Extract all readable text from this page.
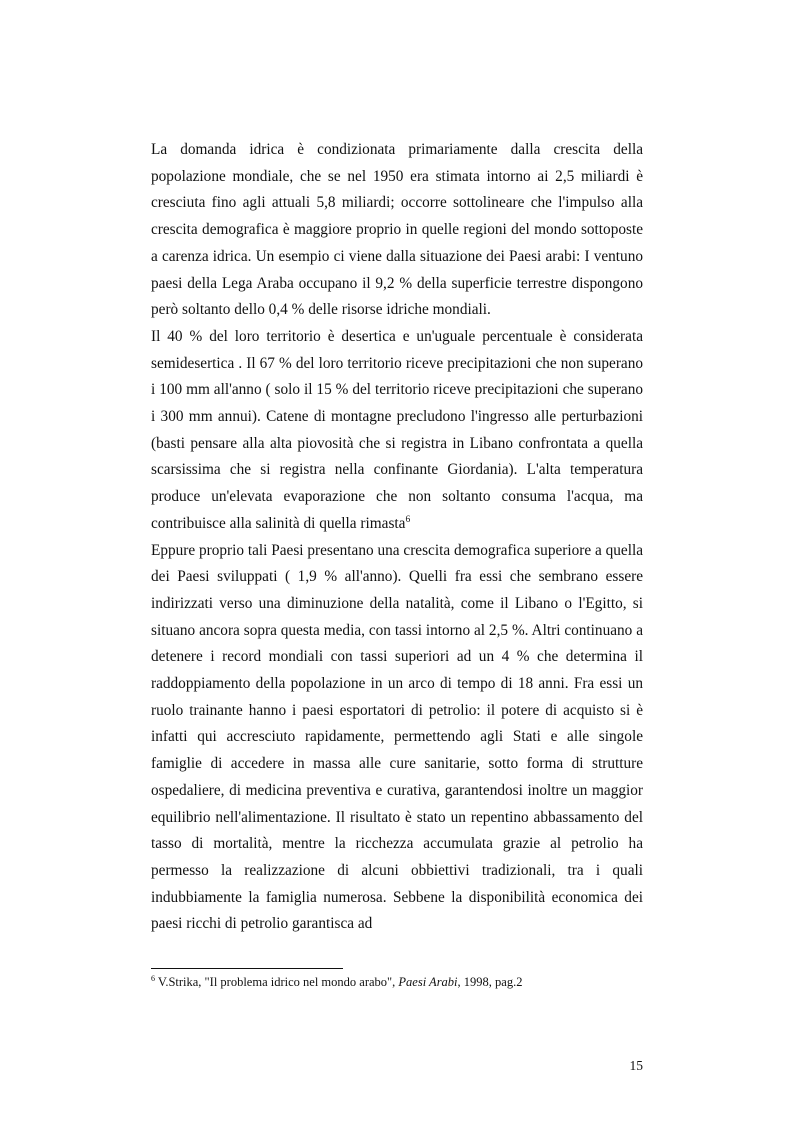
La domanda idrica è condizionata primariamente dalla crescita della popolazione mondiale, che se nel 1950 era stimata intorno ai 2,5 miliardi è cresciuta fino agli attuali 5,8 miliardi; occorre sottolineare che l'impulso alla crescita demografica è maggiore proprio in quelle regioni del mondo sottoposte a carenza idrica. Un esempio ci viene dalla situazione dei Paesi arabi: I ventuno paesi della Lega Araba occupano il 9,2 % della superficie terrestre dispongono però soltanto dello 0,4 % delle risorse idriche mondiali.

Il 40 % del loro territorio è desertica e un'uguale percentuale è considerata semidesertica . Il 67 % del loro territorio riceve precipitazioni che non superano i 100 mm all'anno ( solo il 15 % del territorio riceve precipitazioni che superano i 300 mm annui). Catene di montagne precludono l'ingresso alle perturbazioni (basti pensare alla alta piovosità che si registra in Libano confrontata a quella scarsissima che si registra nella confinante Giordania). L'alta temperatura produce un'elevata evaporazione che non soltanto consuma l'acqua, ma contribuisce alla salinità di quella rimasta$^6$

Eppure proprio tali Paesi presentano una crescita demografica superiore a quella dei Paesi sviluppati ( 1,9 % all'anno). Quelli fra essi che sembrano essere indirizzati verso una diminuzione della natalità, come il Libano o l'Egitto, si situano ancora sopra questa media, con tassi intorno al 2,5 %. Altri continuano a detenere i record mondiali con tassi superiori ad un 4 % che determina il raddoppiamento della popolazione in un arco di tempo di 18 anni. Fra essi un ruolo trainante hanno i paesi esportatori di petrolio: il potere di acquisto si è infatti qui accresciuto rapidamente, permettendo agli Stati e alle singole famiglie di accedere in massa alle cure sanitarie, sotto forma di strutture ospedaliere, di medicina preventiva e curativa, garantendosi inoltre un maggior equilibrio nell'alimentazione. Il risultato è stato un repentino abbassamento del tasso di mortalità, mentre la ricchezza accumulata grazie al petrolio ha permesso la realizzazione di alcuni obbiettivi tradizionali, tra i quali indubbiamente la famiglia numerosa. Sebbene la disponibilità economica dei paesi ricchi di petrolio garantisca ad

$^6$ V.Strika, "Il problema idrico nel mondo arabo", Paesi Arabi, 1998, pag.2
15
